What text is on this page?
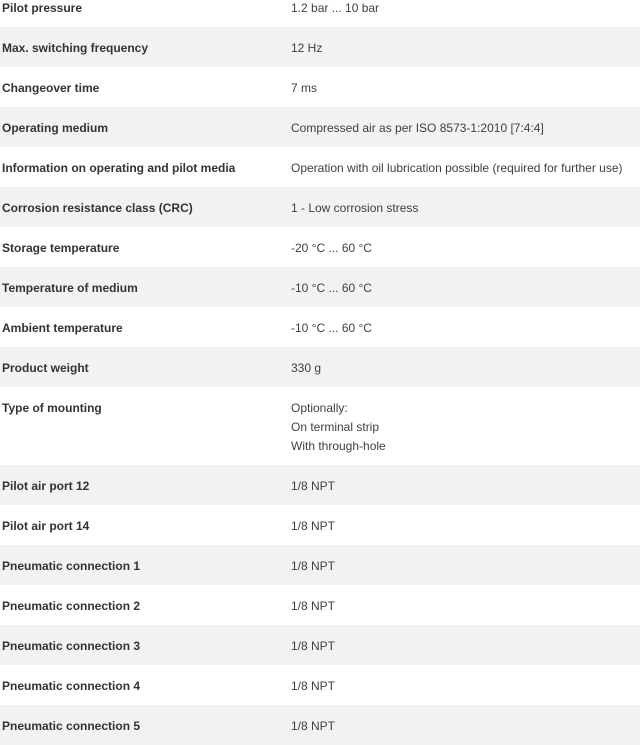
Pilot pressure	1.2 bar ... 10 bar
Max. switching frequency	12 Hz
Changeover time	7 ms
Operating medium	Compressed air as per ISO 8573-1:2010 [7:4:4]
Information on operating and pilot media	Operation with oil lubrication possible (required for further use)
Corrosion resistance class (CRC)	1 - Low corrosion stress
Storage temperature	-20 °C ... 60 °C
Temperature of medium	-10 °C ... 60 °C
Ambient temperature	-10 °C ... 60 °C
Product weight	330 g
Type of mounting	Optionally:
On terminal strip
With through-hole
Pilot air port 12	1/8 NPT
Pilot air port 14	1/8 NPT
Pneumatic connection 1	1/8 NPT
Pneumatic connection 2	1/8 NPT
Pneumatic connection 3	1/8 NPT
Pneumatic connection 4	1/8 NPT
Pneumatic connection 5	1/8 NPT
